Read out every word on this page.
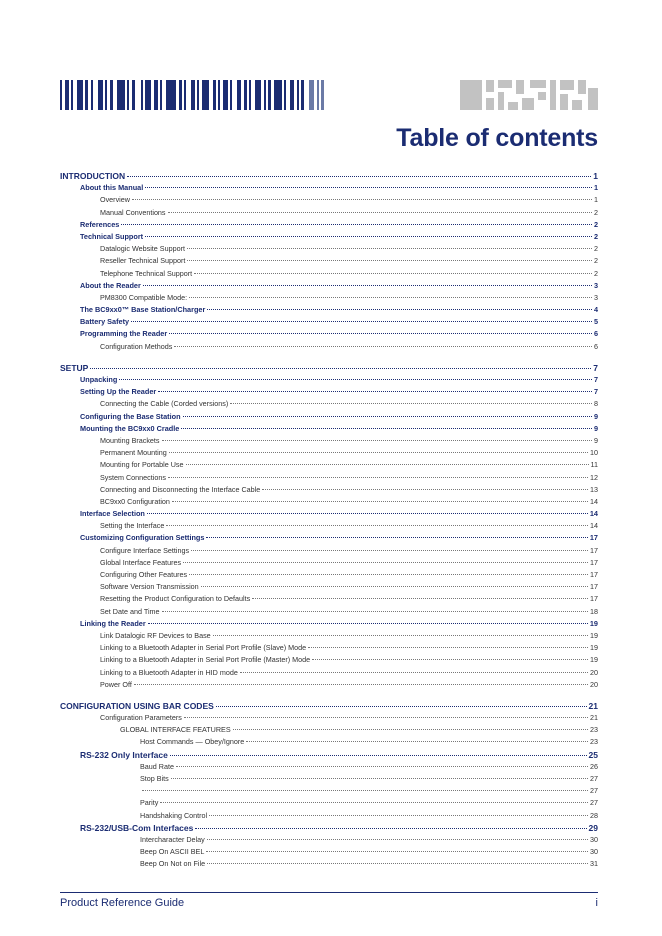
Table of contents
INTRODUCTION	1
About this Manual	1
Overview	1
Manual Conventions	2
References	2
Technical Support	2
Datalogic Website Support	2
Reseller Technical Support	2
Telephone Technical Support	2
About the Reader	3
PM8300 Compatible Mode:	3
The BC9xx0™ Base Station/Charger	4
Battery Safety	5
Programming the Reader	6
Configuration Methods	6
SETUP	7
Unpacking	7
Setting Up the Reader	7
Connecting the Cable (Corded versions)	8
Configuring the Base Station	9
Mounting the BC9xx0 Cradle	9
Mounting Brackets	9
Permanent Mounting	10
Mounting for Portable Use	11
System Connections	12
Connecting and Disconnecting the Interface Cable	13
BC9xx0 Configuration	14
Interface Selection	14
Setting the Interface	14
Customizing Configuration Settings	17
Configure Interface Settings	17
Global Interface Features	17
Configuring Other Features	17
Software Version Transmission	17
Resetting the Product Configuration to Defaults	17
Set Date and Time	18
Linking the Reader	19
Link Datalogic RF Devices to Base	19
Linking to a Bluetooth Adapter in Serial Port Profile (Slave) Mode	19
Linking to a Bluetooth Adapter in Serial Port Profile (Master) Mode	19
Linking to a Bluetooth Adapter in HID mode	20
Power Off	20
CONFIGURATION USING BAR CODES	21
Configuration Parameters	21
GLOBAL INTERFACE FEATURES	23
Host Commands — Obey/Ignore	23
RS-232 Only Interface	25
Baud Rate	26
Stop Bits	27
27
Parity	27
Handshaking Control	28
RS-232/USB-Com Interfaces	29
Intercharacter Delay	30
Beep On ASCII BEL	30
Beep On Not on File	31
Product Reference Guide	i
